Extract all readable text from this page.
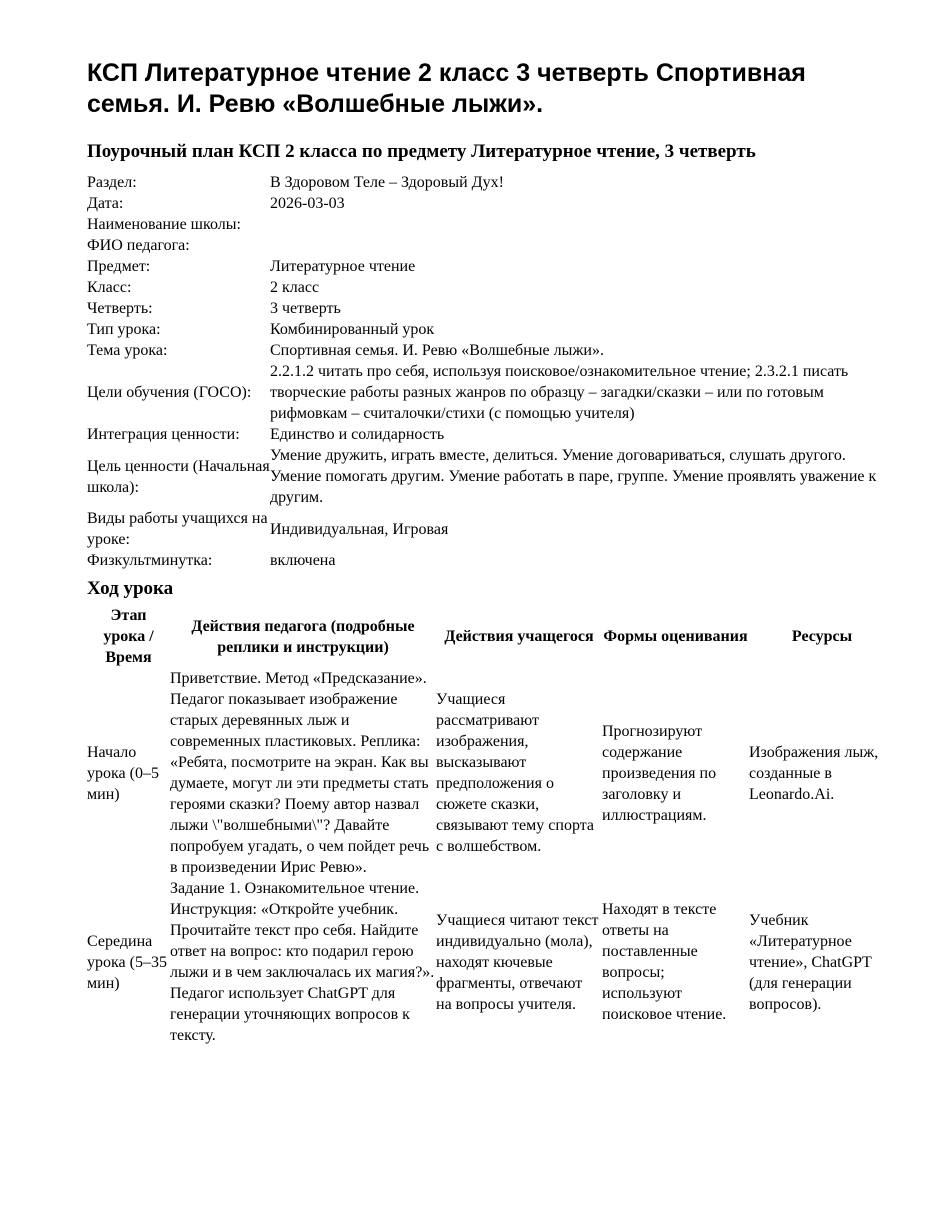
КСП Литературное чтение 2 класс 3 четверть Спортивная семья. И. Ревю «Волшебные лыжи».
Поурочный план КСП 2 класса по предмету Литературное чтение, 3 четверть
Раздел:	В Здоровом Теле – Здоровый Дух!
Дата:	2026-03-03
Наименование школы:	
ФИО педагога:	
Предмет:	Литературное чтение
Класс:	2 класс
Четверть:	3 четверть
Тип урока:	Комбинированный урок
Тема урока:	Спортивная семья. И. Ревю «Волшебные лыжи».
Цели обучения (ГОСО):	2.2.1.2 читать про себя, используя поисковое/ознакомительное чтение; 2.3.2.1 писать творческие работы разных жанров по образцу – загадки/сказки – или по готовым рифмовкам – считалочки/стихи (с помощью учителя)
Интеграция ценности:	Единство и солидарность
Цель ценности (Начальная школа):	Умение дружить, играть вместе, делиться. Умение договариваться, слушать другого. Умение помогать другим. Умение работать в паре, группе. Умение проявлять уважение к другим.
Виды работы учащихся на уроке:	Индивидуальная, Игровая
Физкультминутка:	включена
Ход урока
Этап урока / Время	Действия педагога (подробные реплики и инструкции)	Действия учащегося	Формы оценивания	Ресурсы
Начало урока (0–5 мин)	Приветствие. Метод «Предсказание». Педагог показывает изображение старых деревянных лыж и современных пластиковых. Реплика: «Ребята, посмотрите на экран. Как вы думаете, могут ли эти предметы стать героями сказки? Поему автор назвал лыжи \"волшебными\"? Давайте попробуем угадать, о чем пойдет речь в произведении Ирис Ревю».	Учащиеся рассматривают изображения, высказывают предположения о сюжете сказки, связывают тему спорта с волшебством.	Прогнозируют содержание произведения по заголовку и иллюстрациям.	Изображения лыж, созданные в Leonardo.Ai.
Середина урока (5–35 мин)	Задание 1. Ознакомительное чтение. Инструкция: «Откройте учебник. Прочитайте текст про себя. Найдите ответ на вопрос: кто подарил герою лыжи и в чем заключалась их магия?». Педагог использует ChatGPT для генерации уточняющих вопросов к тексту.	Учащиеся читают текст индивидуально (мола), находят кючевые фрагменты, отвечают на вопросы учителя.	Находят в тексте ответы на поставленные вопросы; используют поисковое чтение.	Учебник «Литературное чтение», ChatGPT (для генерации вопросов).
